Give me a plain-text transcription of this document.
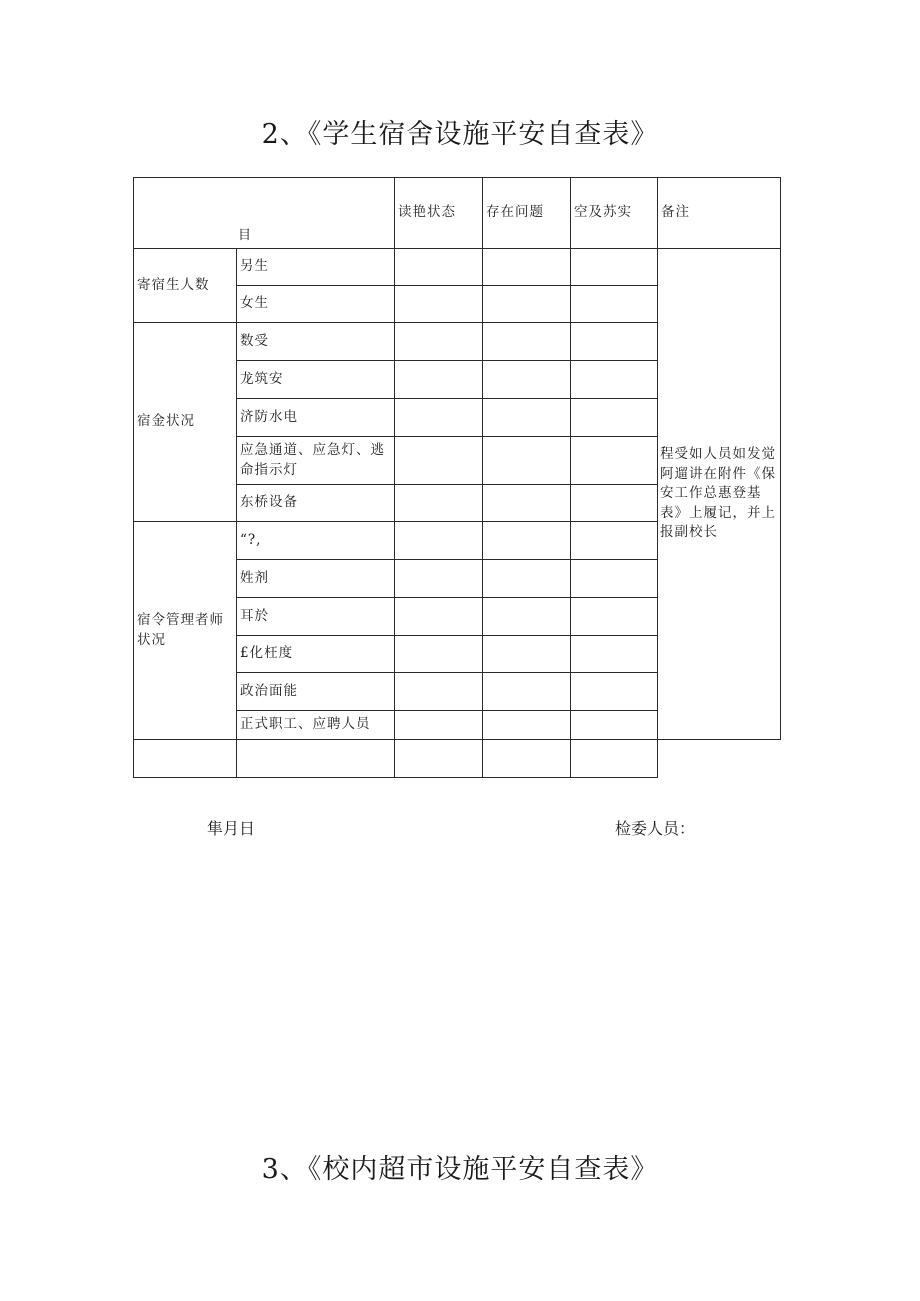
2、《学生宿舍设施平安自查表》
目		读艳状态	存在问题	空及苏实	备注
寄宿生人数	另生				程受如人员如发觉阿遛讲在附件《保安工作总惠登基表》上履记，并上报副校长
	女生				
宿金状况	数受				
	龙筑安				
	济防水电				
	应急通道、应急灯、逃命指示灯				
	东桥设备				
宿令管理者师状况	“?,				
	姓剂				
	耳於				
	£化枉度				
	政治面能				
	正式职工、应聘人员				

隼月日	检委人员：
3、《校内超市设施平安自查表》
